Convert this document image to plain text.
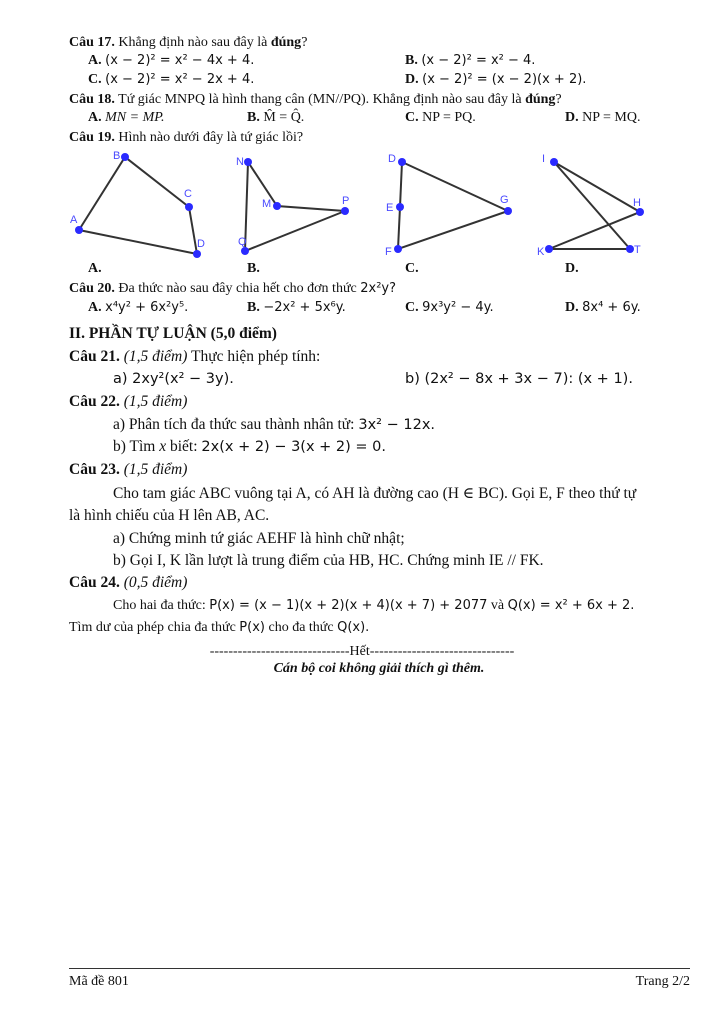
Câu 17. Khẳng định nào sau đây là đúng?
A. (x − 2)² = x² − 4x + 4.	B. (x − 2)² = x² − 4.
C. (x − 2)² = x² − 2x + 4.	D. (x − 2)² = (x − 2)(x + 2).
Câu 18. Tứ giác MNPQ là hình thang cân (MN//PQ). Khẳng định nào sau đây là đúng?
A. MN = MP.	B. M̂ = Q̂.	C. NP = PQ.	D. NP = MQ.
Câu 19. Hình nào dưới đây là tứ giác lồi?
A
B
C
D
N
M	P
Q
D
E
G
F
I
H
K	T
A.	B.	C.	D.
Câu 20. Đa thức nào sau đây chia hết cho đơn thức 2x²y?
A. x⁴y² + 6x²y⁵.	B. −2x² + 5x⁶y.	C. 9x³y² − 4y.	D. 8x⁴ + 6y.
II. PHẦN TỰ LUẬN (5,0 điểm)
Câu 21. (1,5 điểm) Thực hiện phép tính:
a) 2xy²(x² − 3y).	b) (2x² − 8x + 3x − 7): (x + 1).
Câu 22. (1,5 điểm)
a) Phân tích đa thức sau thành nhân tử: 3x² − 12x.
b) Tìm x biết: 2x(x + 2) − 3(x + 2) = 0.
Câu 23. (1,5 điểm)
Cho tam giác ABC vuông tại A, có AH là đường cao (H ∈ BC). Gọi E, F theo thứ tự
là hình chiếu của H lên AB, AC.
a) Chứng minh tứ giác AEHF là hình chữ nhật;
b) Gọi I, K lần lượt là trung điểm của HB, HC. Chứng minh IE // FK.
Câu 24. (0,5 điểm)
Cho hai đa thức: P(x) = (x − 1)(x + 2)(x + 4)(x + 7) + 2077 và Q(x) = x² + 6x + 2.
Tìm dư của phép chia đa thức P(x) cho đa thức Q(x).
------------------------------Hết-------------------------------
Cán bộ coi không giải thích gì thêm.
Mã đề 801	Trang 2/2
